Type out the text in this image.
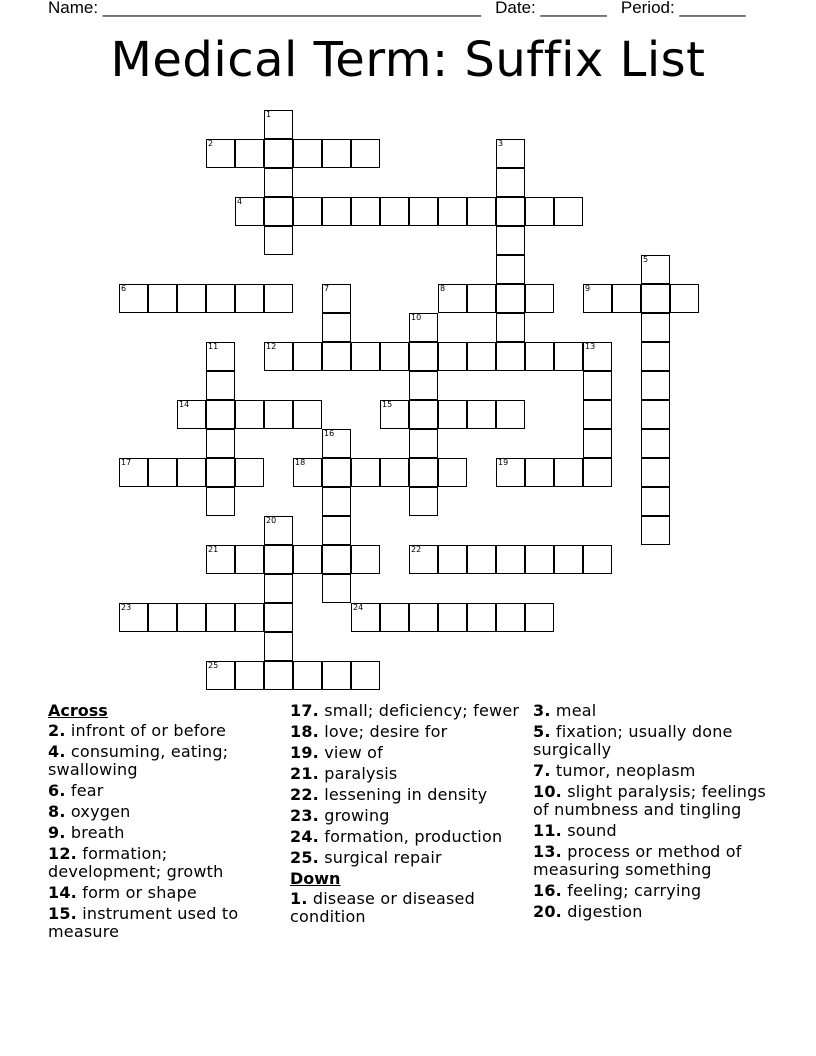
Name: ________________________________________   Date: _______   Period: _______
Medical Term: Suffix List
1
2
4
3
5
6	7	8	9
10
11	12	13
14	15
16
17	18	19
20
21	22
23	24
25
Across
2. infront of or before
4. consuming, eating; swallowing
6. fear
8. oxygen
9. breath
12. formation; development; growth
14. form or shape
15. instrument used to measure
17. small; deficiency; fewer
18. love; desire for
19. view of
21. paralysis
22. lessening in density
23. growing
24. formation, production
25. surgical repair
Down
1. disease or diseased condition
3. meal
5. fixation; usually done surgically
7. tumor, neoplasm
10. slight paralysis; feelings of numbness and tingling
11. sound
13. process or method of measuring something
16. feeling; carrying
20. digestion
